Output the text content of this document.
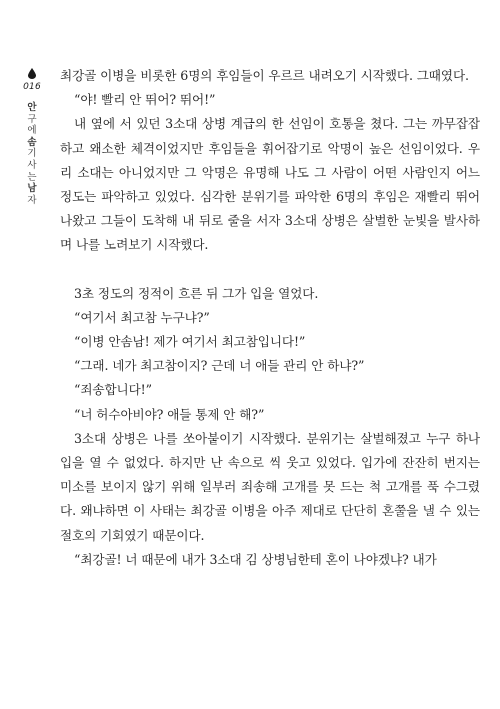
016
안
구
에
솜
기
사
는
남
자

최강골 이병을 비롯한 6명의 후임들이 우르르 내려오기 시작했다. 그때였다.

“야! 빨리 안 뛰어? 뛰어!”

내 옆에 서 있던 3소대 상병 계급의 한 선임이 호통을 쳤다. 그는 까무잡잡하고 왜소한 체격이었지만 후임들을 휘어잡기로 악명이 높은 선임이었다. 우리 소대는 아니었지만 그 악명은 유명해 나도 그 사람이 어떤 사람인지 어느 정도는 파악하고 있었다. 심각한 분위기를 파악한 6명의 후임은 재빨리 뛰어나왔고 그들이 도착해 내 뒤로 줄을 서자 3소대 상병은 살벌한 눈빛을 발사하며 나를 노려보기 시작했다.

3초 정도의 정적이 흐른 뒤 그가 입을 열었다.

“여기서 최고참 누구냐?”

“이병 안솜남! 제가 여기서 최고참입니다!”

“그래. 네가 최고참이지? 근데 너 애들 관리 안 하냐?”

“죄송합니다!”

“너 허수아비야? 애들 통제 안 해?”

3소대 상병은 나를 쏘아붙이기 시작했다. 분위기는 살벌해졌고 누구 하나 입을 열 수 없었다. 하지만 난 속으로 씩 웃고 있었다. 입가에 잔잔히 번지는 미소를 보이지 않기 위해 일부러 죄송해 고개를 못 드는 척 고개를 푹 수그렸다. 왜냐하면 이 사태는 최강골 이병을 아주 제대로 단단히 혼쭐을 낼 수 있는 절호의 기회였기 때문이다.

“최강골! 너 때문에 내가 3소대 김 상병님한테 혼이 나야겠냐? 내가
